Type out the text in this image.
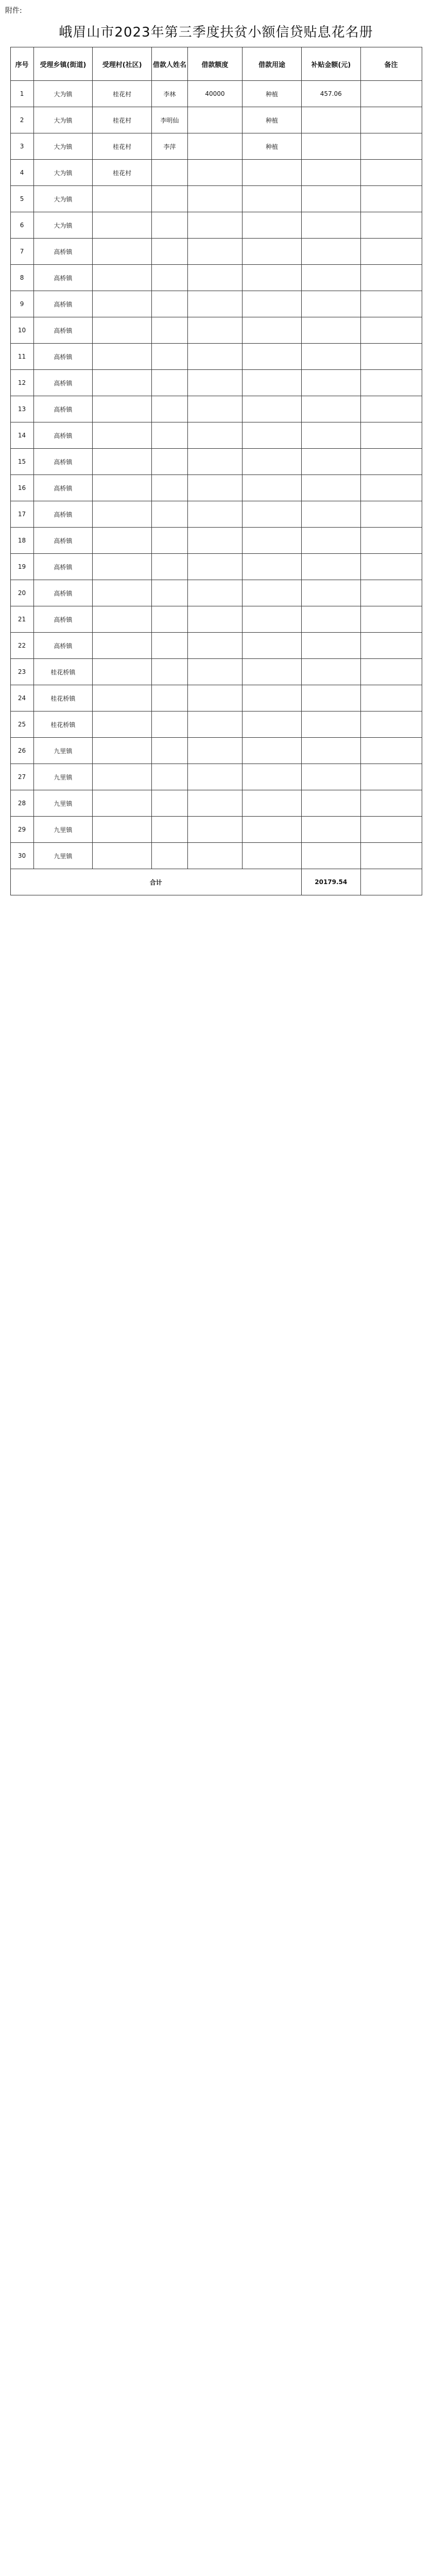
附件:
峨眉山市2023年第三季度扶贫小额信贷贴息花名册
序号	受理乡镇(街道)	受理村(社区)	借款人姓名	借款额度	借款用途	补贴金额(元)	备注
1	大为镇	桂花村	李林	40000	种植	457.06	
2	大为镇	桂花村	李明仙		种植		
3	大为镇	桂花村	李萍		种植		
4	大为镇	桂花村					
5	大为镇						
6	大为镇						
7	高桥镇						
8	高桥镇						
9	高桥镇						
10	高桥镇						
11	高桥镇						
12	高桥镇						
13	高桥镇						
14	高桥镇						
15	高桥镇						
16	高桥镇						
17	高桥镇						
18	高桥镇						
19	高桥镇						
20	高桥镇						
21	高桥镇						
22	高桥镇						
23	桂花桥镇						
24	桂花桥镇						
25	桂花桥镇						
26	九里镇						
27	九里镇						
28	九里镇						
29	九里镇						
30	九里镇						
合计						20179.54	
